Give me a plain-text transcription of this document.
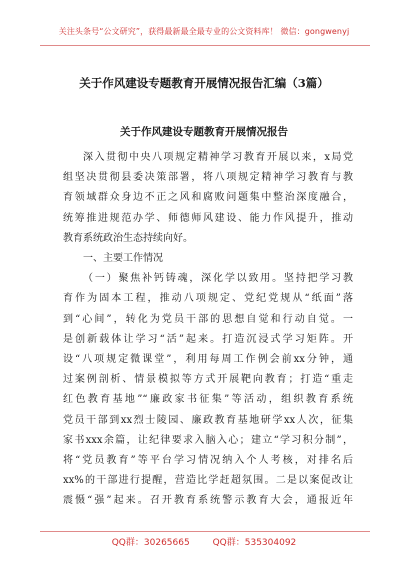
关注头条号“公文研究”，获得最新最全最专业的公文资料库！ 微信：gongwenyj
关于作风建设专题教育开展情况报告汇编（3篇）
关于作风建设专题教育开展情况报告
深入贯彻中央八项规定精神学习教育开展以来，x局党
组坚决贯彻县委决策部署，将八项规定精神学习教育与教
育领域群众身边不正之风和腐败问题集中整治深度融合，
统筹推进规范办学、师德师风建设、能力作风提升，推动
教育系统政治生态持续向好。
一、主要工作情况
（一）聚焦补钙铸魂，深化学以致用。坚持把学习教
育作为固本工程，推动八项规定、党纪党规从“纸面”落
到“心间”，转化为党员干部的思想自觉和行动自觉。一
是创新载体让学习“活”起来。打造沉浸式学习矩阵。开
设“八项规定微课堂”，利用每周工作例会前xx分钟，通
过案例剖析、情景模拟等方式开展靶向教育；打造“重走
红色教育基地”“廉政家书征集”等活动，组织教育系统
党员干部到xx烈士陵园、廉政教育基地研学xx人次，征集
家书xxx余篇，让纪律要求入脑入心；建立“学习积分制”，
将“党员教育”等平台学习情况纳入个人考核，对排名后
xx%的干部进行提醒，营造比学赶超氛围。二是以案促改让
震慑“强”起来。召开教育系统警示教育大会，通报近年
QQ群：30265665	QQ群：535304092
